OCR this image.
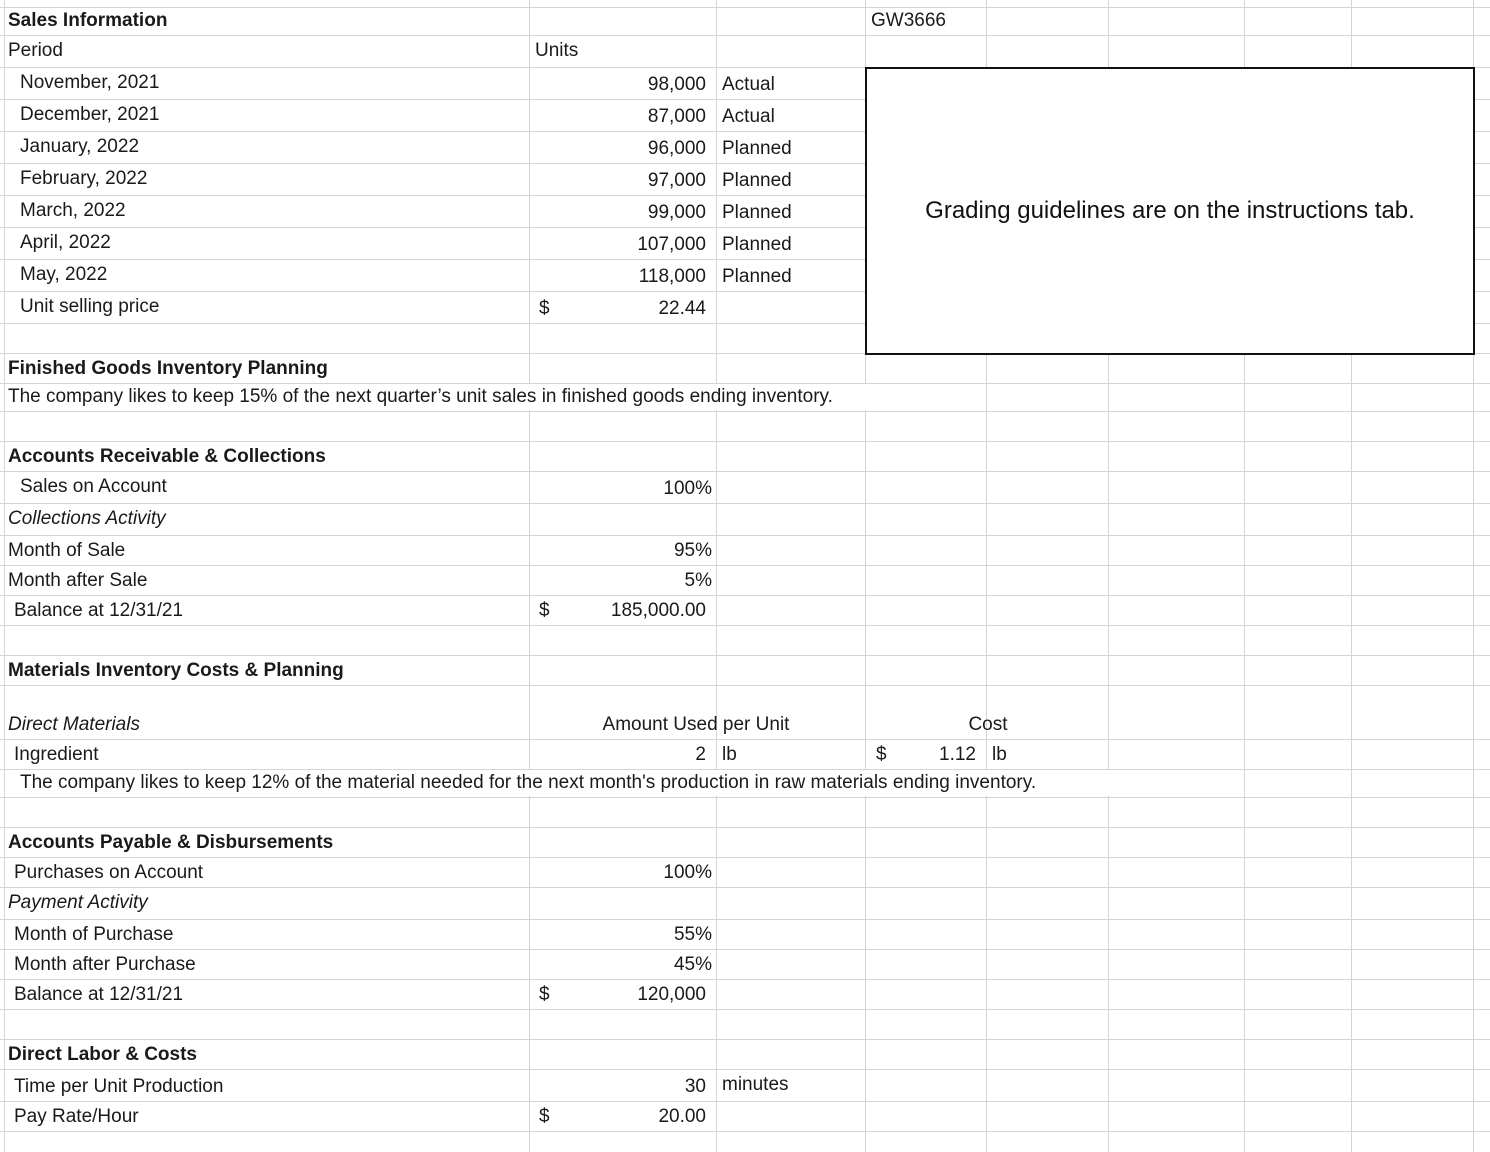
Sales Information	GW3666
Period	Units
November, 2021	98,000 Actual
December, 2021	87,000 Actual
January, 2022	96,000 Planned
February, 2022	97,000 Planned
March, 2022	99,000 Planned
April, 2022	107,000 Planned
May, 2022	118,000 Planned
Unit selling price	$	22.44
Grading guidelines are on the instructions tab.
Finished Goods Inventory Planning
The company likes to keep 15% of the next quarter’s unit sales in finished goods ending inventory.
Accounts Receivable & Collections
Sales on Account	100%
Collections Activity
Month of Sale	95%
Month after Sale	5%
Balance at 12/31/21	$	185,000.00
Materials Inventory Costs & Planning
Direct Materials	Amount Used per Unit	Cost
Ingredient	2 lb	$	1.12 lb
The company likes to keep 12% of the material needed for the next month's production in raw materials ending inventory.
Accounts Payable & Disbursements
Purchases on Account	100%
Payment Activity
Month of Purchase	55%
Month after Purchase	45%
Balance at 12/31/21	$	120,000
Direct Labor & Costs
Time per Unit Production	30 minutes
Pay Rate/Hour	$	20.00
